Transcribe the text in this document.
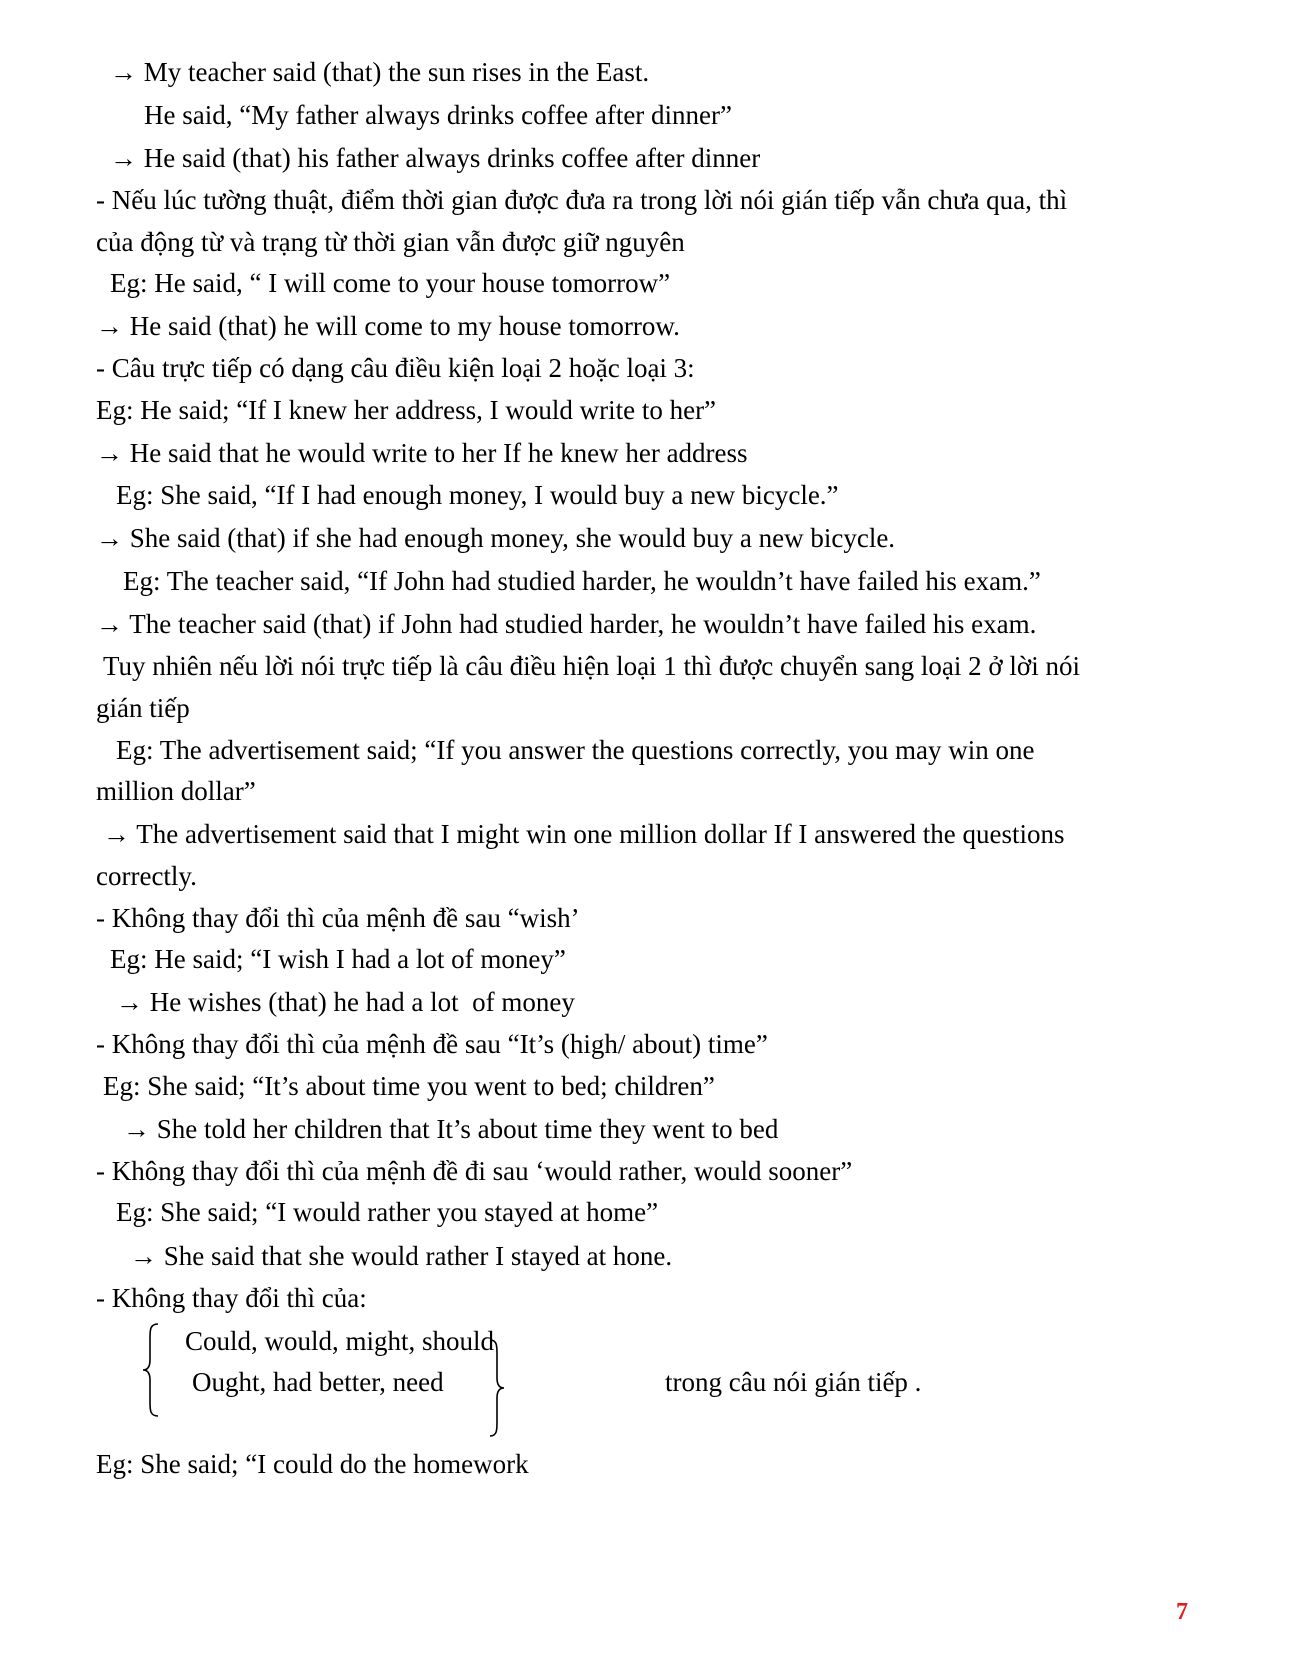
→ My teacher said (that) the sun rises in the East.

He said, “My father always drinks coffee after dinner”

→ He said (that) his father always drinks coffee after dinner

- Nếu lúc tường thuật, điểm thời gian được đưa ra trong lời nói gián tiếp vẫn chưa qua, thì

của động từ và trạng từ thời gian vẫn được giữ nguyên

Eg: He said, “ I will come to your house tomorrow”

→ He said (that) he will come to my house tomorrow.

- Câu trực tiếp có dạng câu điều kiện loại 2 hoặc loại 3:

Eg: He said; “If I knew her address, I would write to her”

→ He said that he would write to her If he knew her address

Eg: She said, “If I had enough money, I would buy a new bicycle.”

→ She said (that) if she had enough money, she would buy a new bicycle.

Eg: The teacher said, “If John had studied harder, he wouldn’t have failed his exam.”

→ The teacher said (that) if John had studied harder, he wouldn’t have failed his exam.

Tuy nhiên nếu lời nói trực tiếp là câu điều hiện loại 1 thì được chuyển sang loại 2 ở lời nói

gián tiếp

Eg: The advertisement said; “If you answer the questions correctly, you may win one

million dollar”

→ The advertisement said that I might win one million dollar If I answered the questions

correctly.

- Không thay đổi thì của mệnh đề sau “wish’

Eg: He said; “I wish I had a lot of money”

→ He wishes (that) he had a lot  of money

- Không thay đổi thì của mệnh đề sau “It’s (high/ about) time”

Eg: She said; “It’s about time you went to bed; children”

→ She told her children that It’s about time they went to bed

- Không thay đổi thì của mệnh đề đi sau ‘would rather, would sooner”

Eg: She said; “I would rather you stayed at home”

→ She said that she would rather I stayed at hone.

- Không thay đổi thì của:

Could, would, might, should

Ought, had better, need	trong câu nói gián tiếp .

Eg: She said; “I could do the homework

7
